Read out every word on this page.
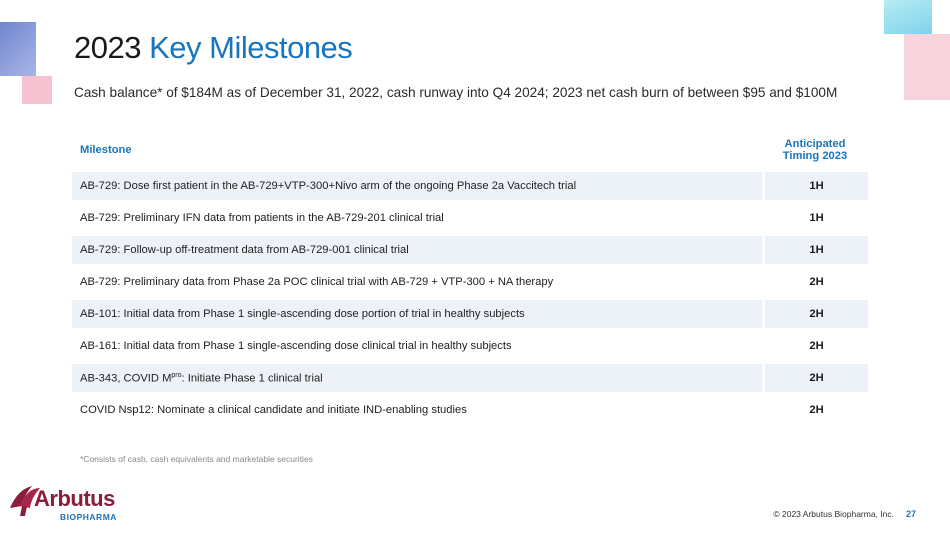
2023 Key Milestones
Cash balance* of $184M as of December 31, 2022, cash runway into Q4 2024; 2023 net cash burn of between $95 and $100M
Milestone	Anticipated
Timing 2023
AB-729: Dose first patient in the AB-729+VTP-300+Nivo arm of the ongoing Phase 2a Vaccitech trial	1H
AB-729: Preliminary IFN data from patients in the AB-729-201 clinical trial	1H
AB-729: Follow-up off-treatment data from AB-729-001 clinical trial	1H
AB-729: Preliminary data from Phase 2a POC clinical trial with AB-729 + VTP-300 + NA therapy	2H
AB-101: Initial data from Phase 1 single-ascending dose portion of trial in healthy subjects	2H
AB-161: Initial data from Phase 1 single-ascending dose clinical trial in healthy subjects	2H
AB-343, COVID $M^{pro}$: Initiate Phase 1 clinical trial	2H
COVID Nsp12: Nominate a clinical candidate and initiate IND-enabling studies	2H
*Consists of cash, cash equivalents and marketable securities
Arbutus
BIOPHARMA	© 2023 Arbutus Biopharma, Inc. 27
